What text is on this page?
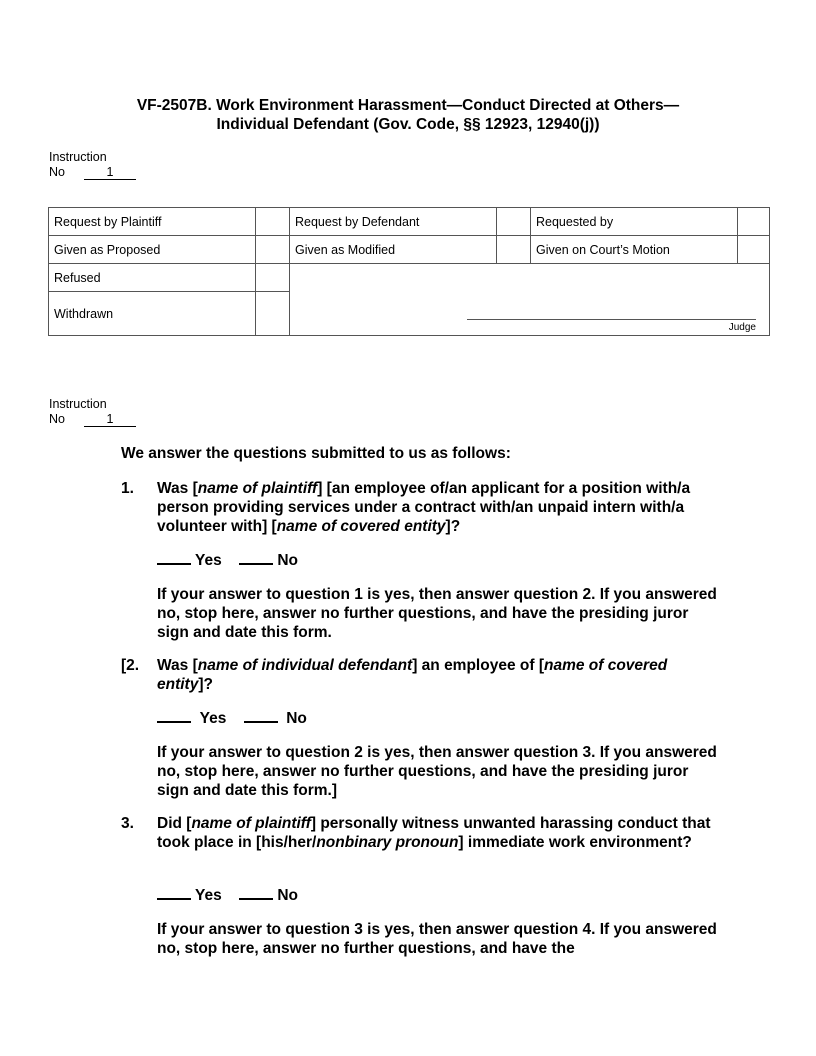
VF-2507B. Work Environment Harassment—Conduct Directed at Others—
Individual Defendant (Gov. Code, §§ 12923, 12940(j))
Instruction
No	1
Request by Plaintiff		Request by Defendant		Requested by	
Given as Proposed		Given as Modified		Given on Court’s Motion	
Refused		Judge			

Withdrawn					
Instruction
No	1
We answer the questions submitted to us as follows:
1. Was [name of plaintiff] [an employee of/an applicant for a position with/a person providing services under a contract with/an unpaid intern with/a volunteer with] [name of covered entity]?
Yes	No
If your answer to question 1 is yes, then answer question 2. If you answered no, stop here, answer no further questions, and have the presiding juror sign and date this form.
[2. Was [name of individual defendant] an employee of [name of covered entity]?
Yes	No
If your answer to question 2 is yes, then answer question 3. If you answered no, stop here, answer no further questions, and have the presiding juror sign and date this form.]
3. Did [name of plaintiff] personally witness unwanted harassing conduct that took place in [his/her/nonbinary pronoun] immediate work environment?
Yes	No
If your answer to question 3 is yes, then answer question 4. If you answered no, stop here, answer no further questions, and have the
